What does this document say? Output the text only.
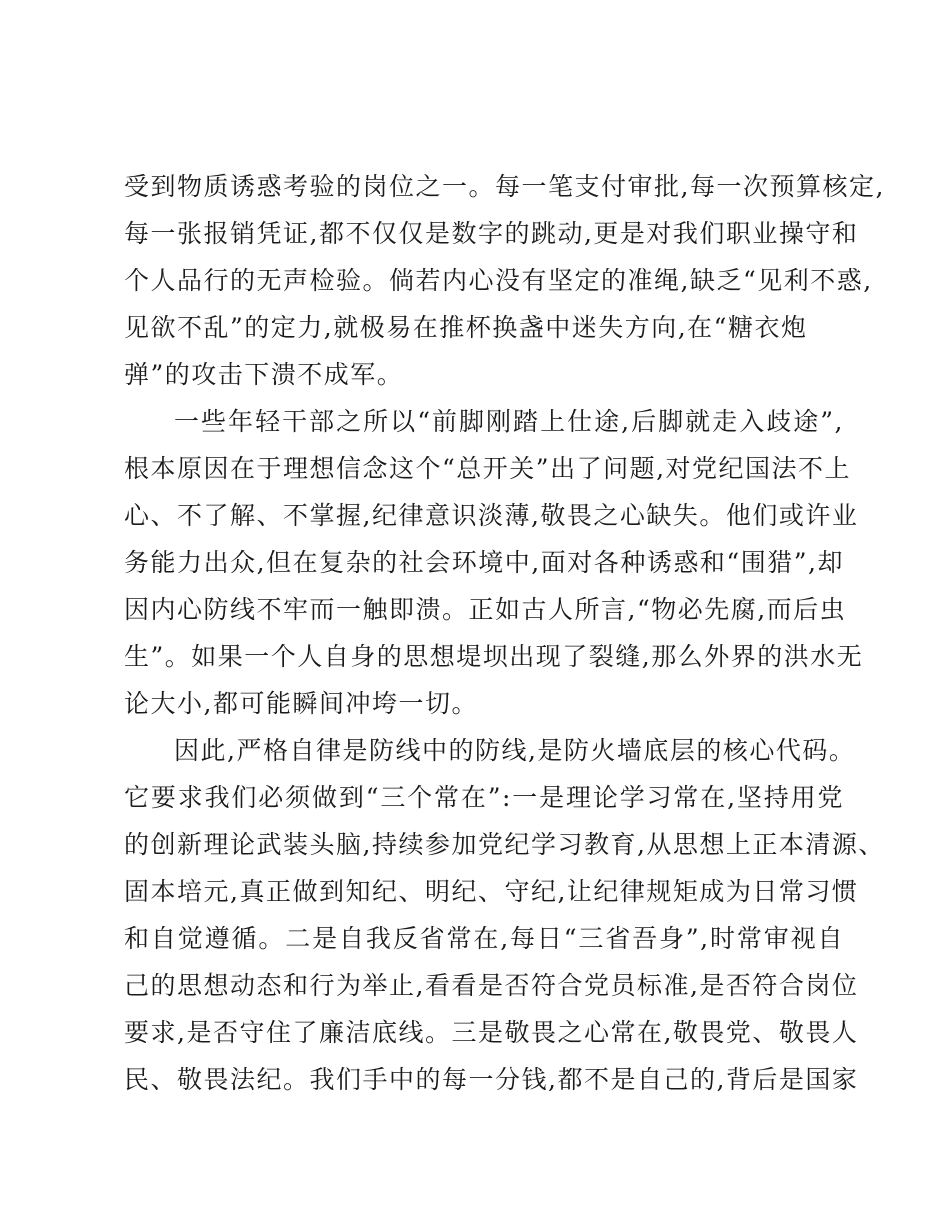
受到物质诱惑考验的岗位之一。每一笔支付审批,每一次预算核定,
每一张报销凭证,都不仅仅是数字的跳动,更是对我们职业操守和
个人品行的无声检验。倘若内心没有坚定的准绳,缺乏“见利不惑,
见欲不乱”的定力,就极易在推杯换盏中迷失方向,在“糖衣炮
弹”的攻击下溃不成军。
一些年轻干部之所以“前脚刚踏上仕途,后脚就走入歧途”,
根本原因在于理想信念这个“总开关”出了问题,对党纪国法不上
心、不了解、不掌握,纪律意识淡薄,敬畏之心缺失。他们或许业
务能力出众,但在复杂的社会环境中,面对各种诱惑和“围猎”,却
因内心防线不牢而一触即溃。正如古人所言,“物必先腐,而后虫
生”。如果一个人自身的思想堤坝出现了裂缝,那么外界的洪水无
论大小,都可能瞬间冲垮一切。
因此,严格自律是防线中的防线,是防火墙底层的核心代码。
它要求我们必须做到“三个常在”:一是理论学习常在,坚持用党
的创新理论武装头脑,持续参加党纪学习教育,从思想上正本清源、
固本培元,真正做到知纪、明纪、守纪,让纪律规矩成为日常习惯
和自觉遵循。二是自我反省常在,每日“三省吾身”,时常审视自
己的思想动态和行为举止,看看是否符合党员标准,是否符合岗位
要求,是否守住了廉洁底线。三是敬畏之心常在,敬畏党、敬畏人
民、敬畏法纪。我们手中的每一分钱,都不是自己的,背后是国家
